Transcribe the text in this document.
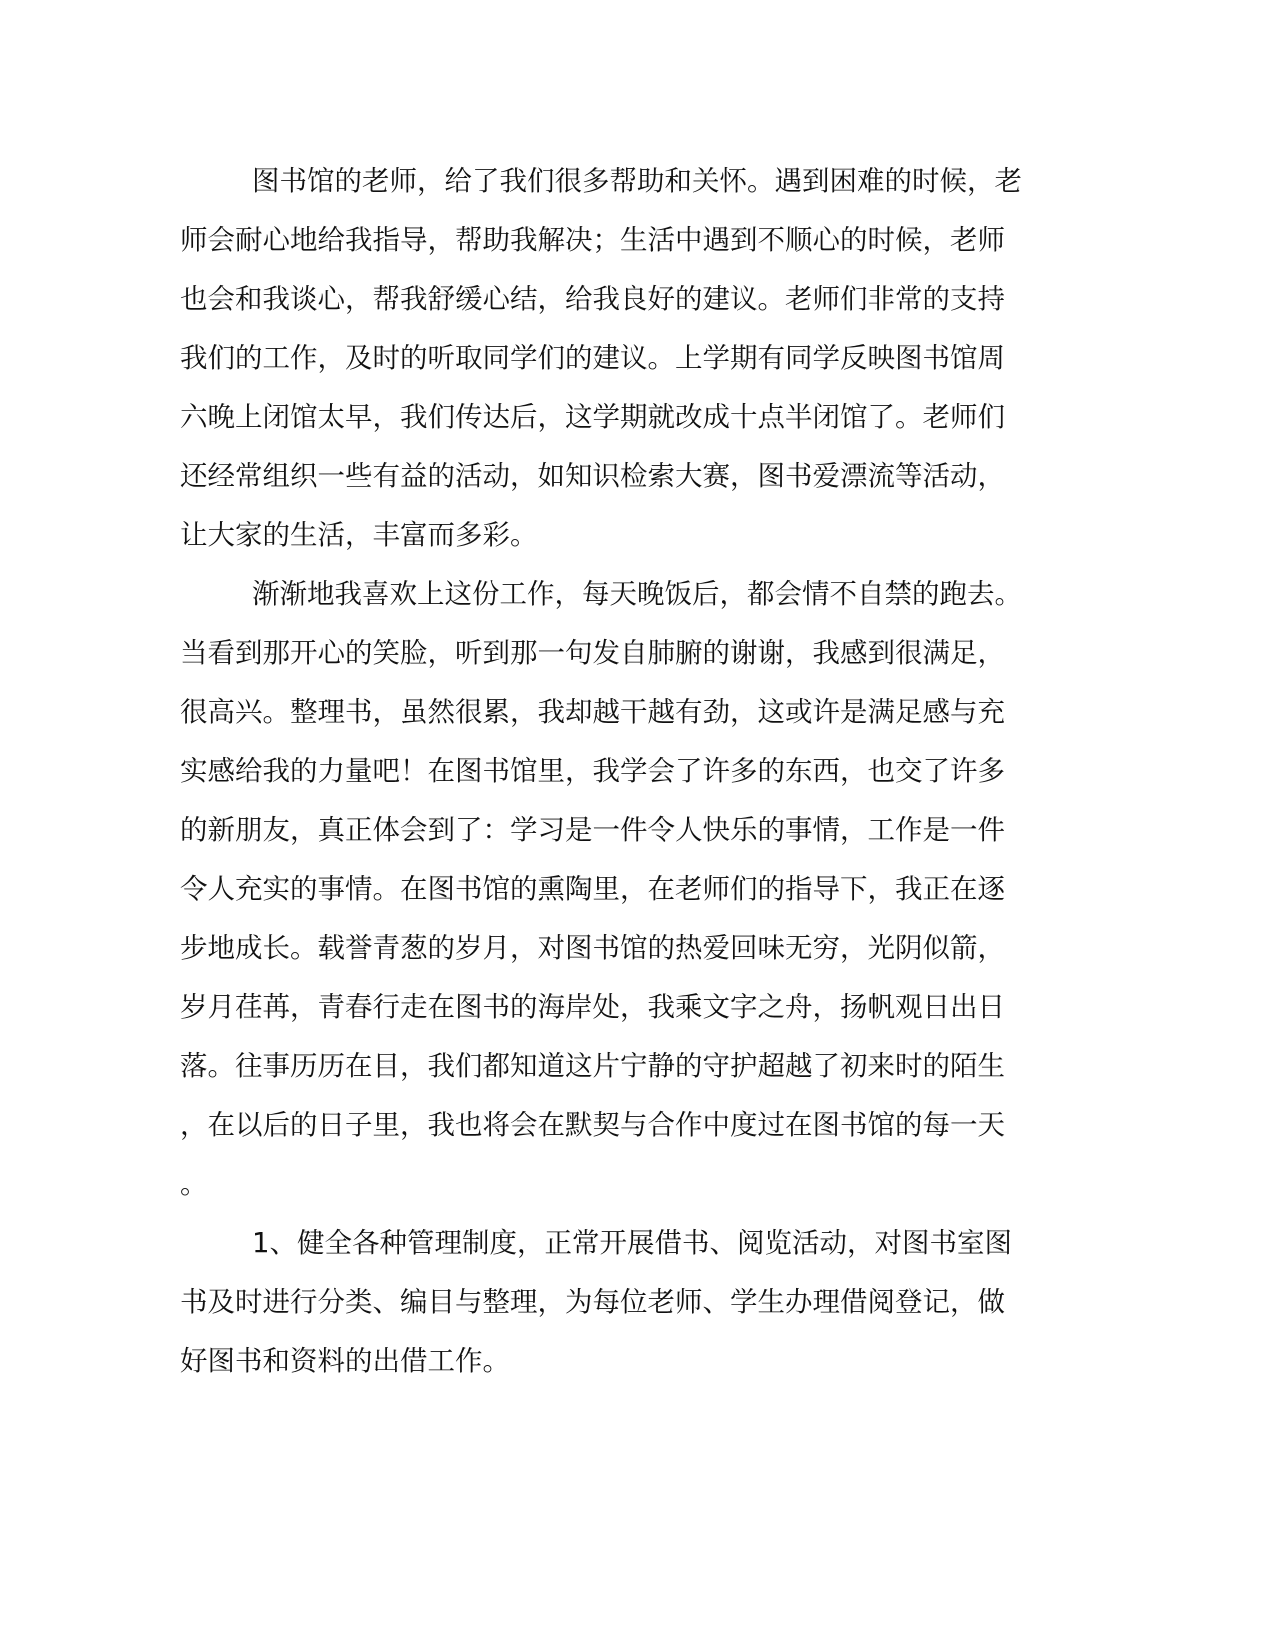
图书馆的老师，给了我们很多帮助和关怀。遇到困难的时候，老
师会耐心地给我指导，帮助我解决；生活中遇到不顺心的时候，老师
也会和我谈心，帮我舒缓心结，给我良好的建议。老师们非常的支持
我们的工作，及时的听取同学们的建议。上学期有同学反映图书馆周
六晚上闭馆太早，我们传达后，这学期就改成十点半闭馆了。老师们
还经常组织一些有益的活动，如知识检索大赛，图书爱漂流等活动，
让大家的生活，丰富而多彩。
渐渐地我喜欢上这份工作，每天晚饭后，都会情不自禁的跑去。
当看到那开心的笑脸，听到那一句发自肺腑的谢谢，我感到很满足，
很高兴。整理书，虽然很累，我却越干越有劲，这或许是满足感与充
实感给我的力量吧！在图书馆里，我学会了许多的东西，也交了许多
的新朋友，真正体会到了：学习是一件令人快乐的事情，工作是一件
令人充实的事情。在图书馆的熏陶里，在老师们的指导下，我正在逐
步地成长。载誉青葱的岁月，对图书馆的热爱回味无穷，光阴似箭，
岁月荏苒，青春行走在图书的海岸处，我乘文字之舟，扬帆观日出日
落。往事历历在目，我们都知道这片宁静的守护超越了初来时的陌生
，在以后的日子里，我也将会在默契与合作中度过在图书馆的每一天
。
1、健全各种管理制度，正常开展借书、阅览活动，对图书室图
书及时进行分类、编目与整理，为每位老师、学生办理借阅登记，做
好图书和资料的出借工作。
